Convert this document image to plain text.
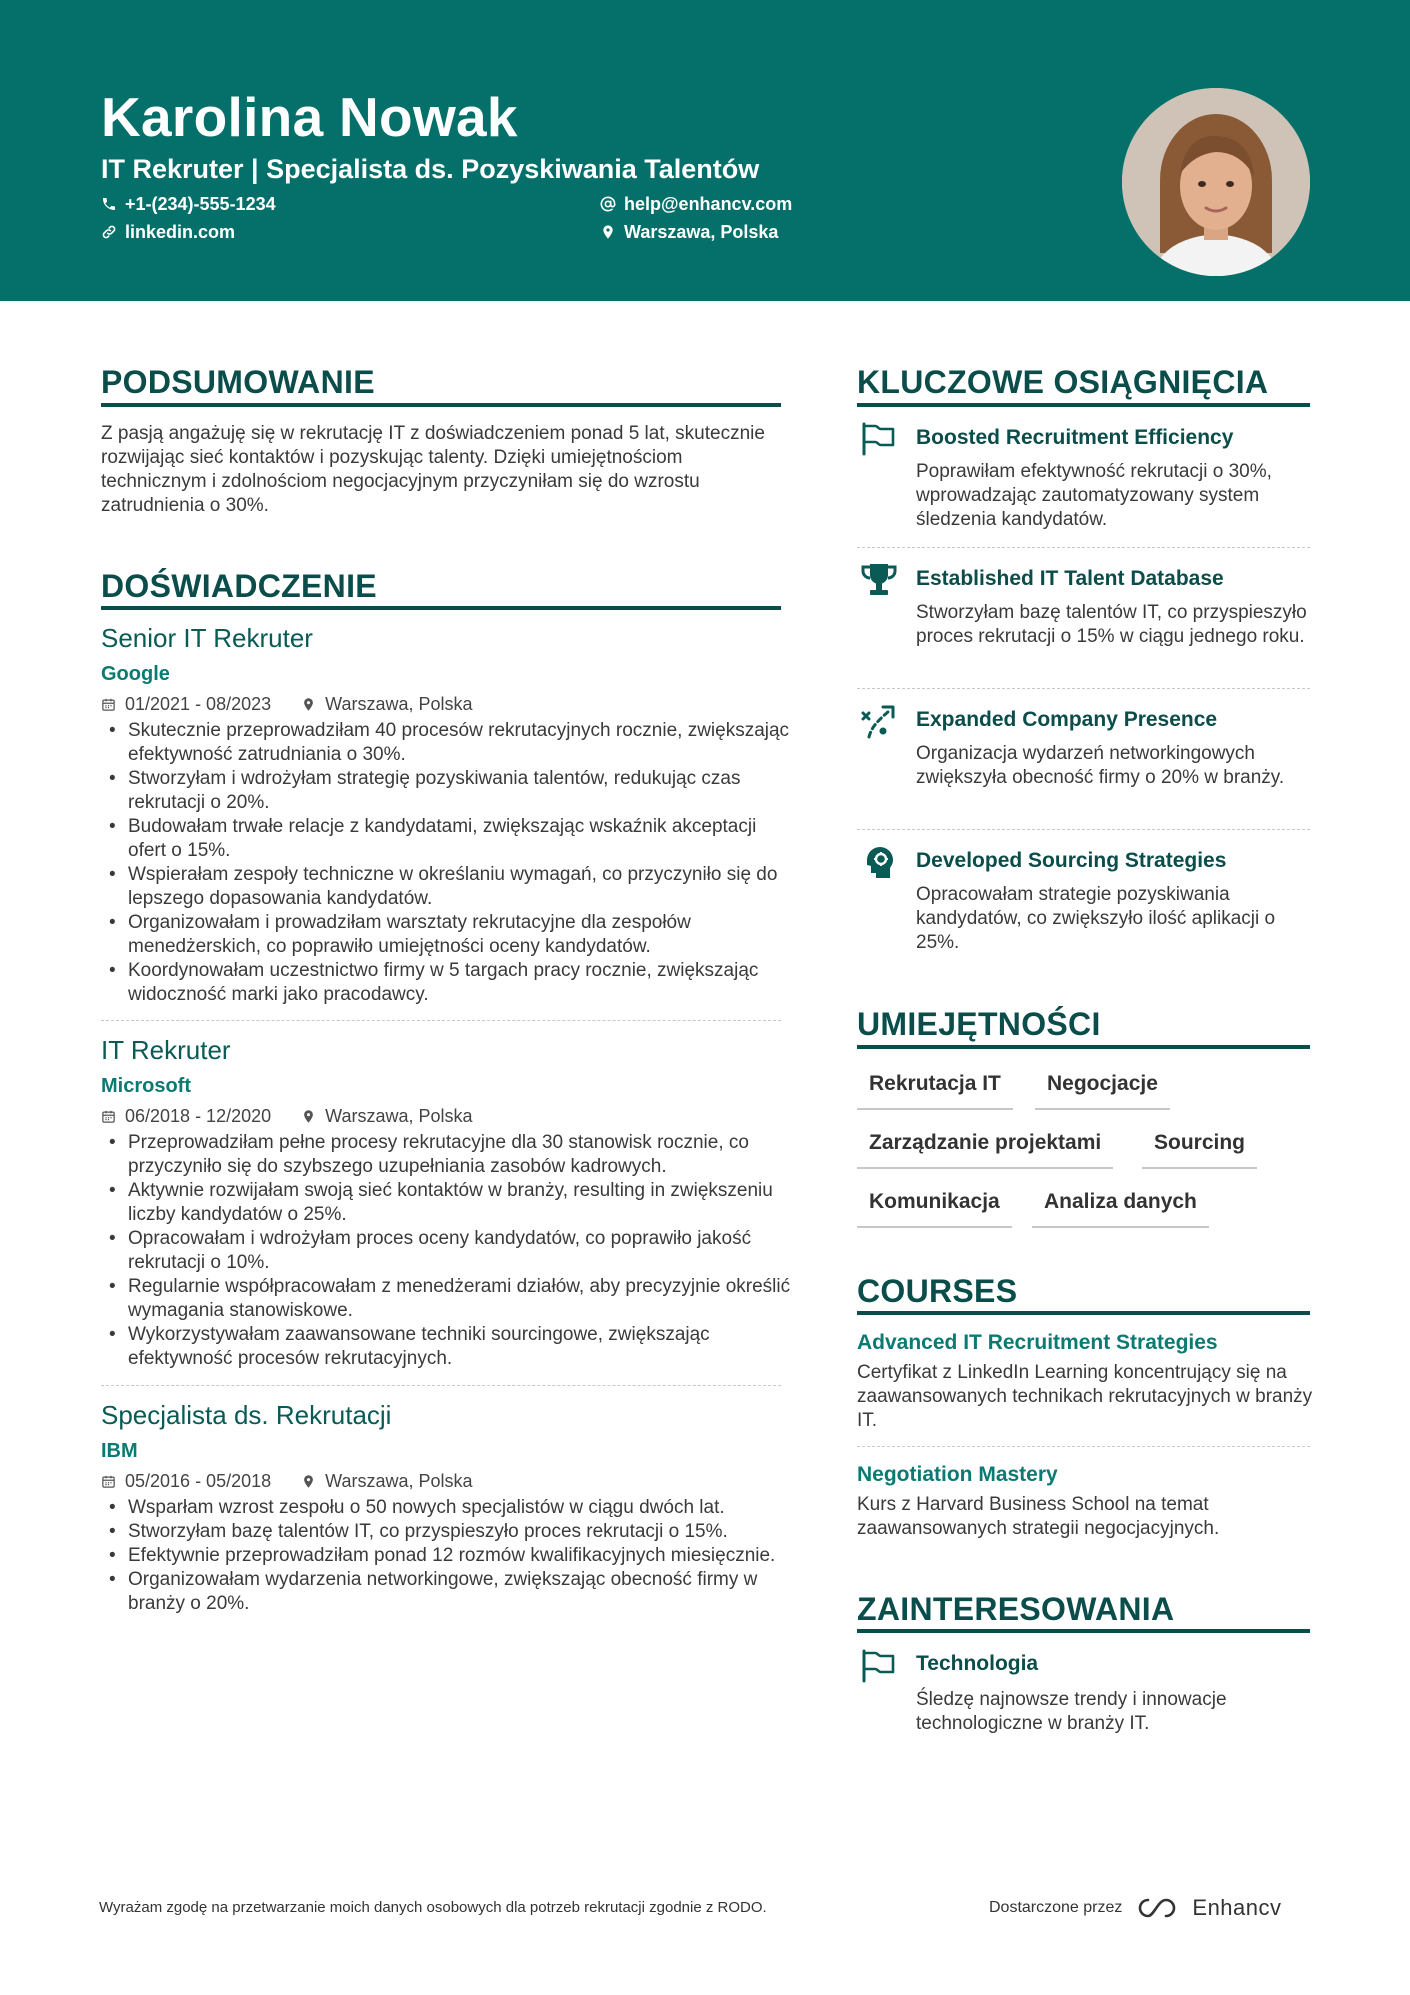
Karolina Nowak
IT Rekruter | Specjalista ds. Pozyskiwania Talentów
+1-(234)-555-1234	help@enhancv.com
linkedin.com	Warszawa, Polska
PODSUMOWANIE
Z pasją angażuję się w rekrutację IT z doświadczeniem ponad 5 lat, skutecznie rozwijając sieć kontaktów i pozyskując talenty. Dzięki umiejętnościom technicznym i zdolnościom negocjacyjnym przyczyniłam się do wzrostu zatrudnienia o 30%.
DOŚWIADCZENIE
Senior IT Rekruter
Google
01/2021 - 08/2023	Warszawa, Polska
• Skutecznie przeprowadziłam 40 procesów rekrutacyjnych rocznie, zwiększając efektywność zatrudniania o 30%.
• Stworzyłam i wdrożyłam strategię pozyskiwania talentów, redukując czas rekrutacji o 20%.
• Budowałam trwałe relacje z kandydatami, zwiększając wskaźnik akceptacji ofert o 15%.
• Wspierałam zespoły techniczne w określaniu wymagań, co przyczyniło się do lepszego dopasowania kandydatów.
• Organizowałam i prowadziłam warsztaty rekrutacyjne dla zespołów menedżerskich, co poprawiło umiejętności oceny kandydatów.
• Koordynowałam uczestnictwo firmy w 5 targach pracy rocznie, zwiększając widoczność marki jako pracodawcy.
IT Rekruter
Microsoft
06/2018 - 12/2020	Warszawa, Polska
• Przeprowadziłam pełne procesy rekrutacyjne dla 30 stanowisk rocznie, co przyczyniło się do szybszego uzupełniania zasobów kadrowych.
• Aktywnie rozwijałam swoją sieć kontaktów w branży, resulting in zwiększeniu liczby kandydatów o 25%.
• Opracowałam i wdrożyłam proces oceny kandydatów, co poprawiło jakość rekrutacji o 10%.
• Regularnie współpracowałam z menedżerami działów, aby precyzyjnie określić wymagania stanowiskowe.
• Wykorzystywałam zaawansowane techniki sourcingowe, zwiększając efektywność procesów rekrutacyjnych.
Specjalista ds. Rekrutacji
IBM
05/2016 - 05/2018	Warszawa, Polska
• Wsparłam wzrost zespołu o 50 nowych specjalistów w ciągu dwóch lat.
• Stworzyłam bazę talentów IT, co przyspieszyło proces rekrutacji o 15%.
• Efektywnie przeprowadziłam ponad 12 rozmów kwalifikacyjnych miesięcznie.
• Organizowałam wydarzenia networkingowe, zwiększając obecność firmy w branży o 20%.
KLUCZOWE OSIĄGNIĘCIA
Boosted Recruitment Efficiency
Poprawiłam efektywność rekrutacji o 30%, wprowadzając zautomatyzowany system śledzenia kandydatów.
Established IT Talent Database
Stworzyłam bazę talentów IT, co przyspieszyło proces rekrutacji o 15% w ciągu jednego roku.
Expanded Company Presence
Organizacja wydarzeń networkingowych zwiększyła obecność firmy o 20% w branży.
Developed Sourcing Strategies
Opracowałam strategie pozyskiwania kandydatów, co zwiększyło ilość aplikacji o 25%.
UMIEJĘTNOŚCI
Rekrutacja IT	Negocjacje
Zarządzanie projektami	Sourcing
Komunikacja	Analiza danych
COURSES
Advanced IT Recruitment Strategies
Certyfikat z LinkedIn Learning koncentrujący się na zaawansowanych technikach rekrutacyjnych w branży IT.
Negotiation Mastery
Kurs z Harvard Business School na temat zaawansowanych strategii negocjacyjnych.
ZAINTERESOWANIA
Technologia
Śledzę najnowsze trendy i innowacje technologiczne w branży IT.
Wyrażam zgodę na przetwarzanie moich danych osobowych dla potrzeb rekrutacji zgodnie z RODO.	Dostarczone przez	Enhancv
